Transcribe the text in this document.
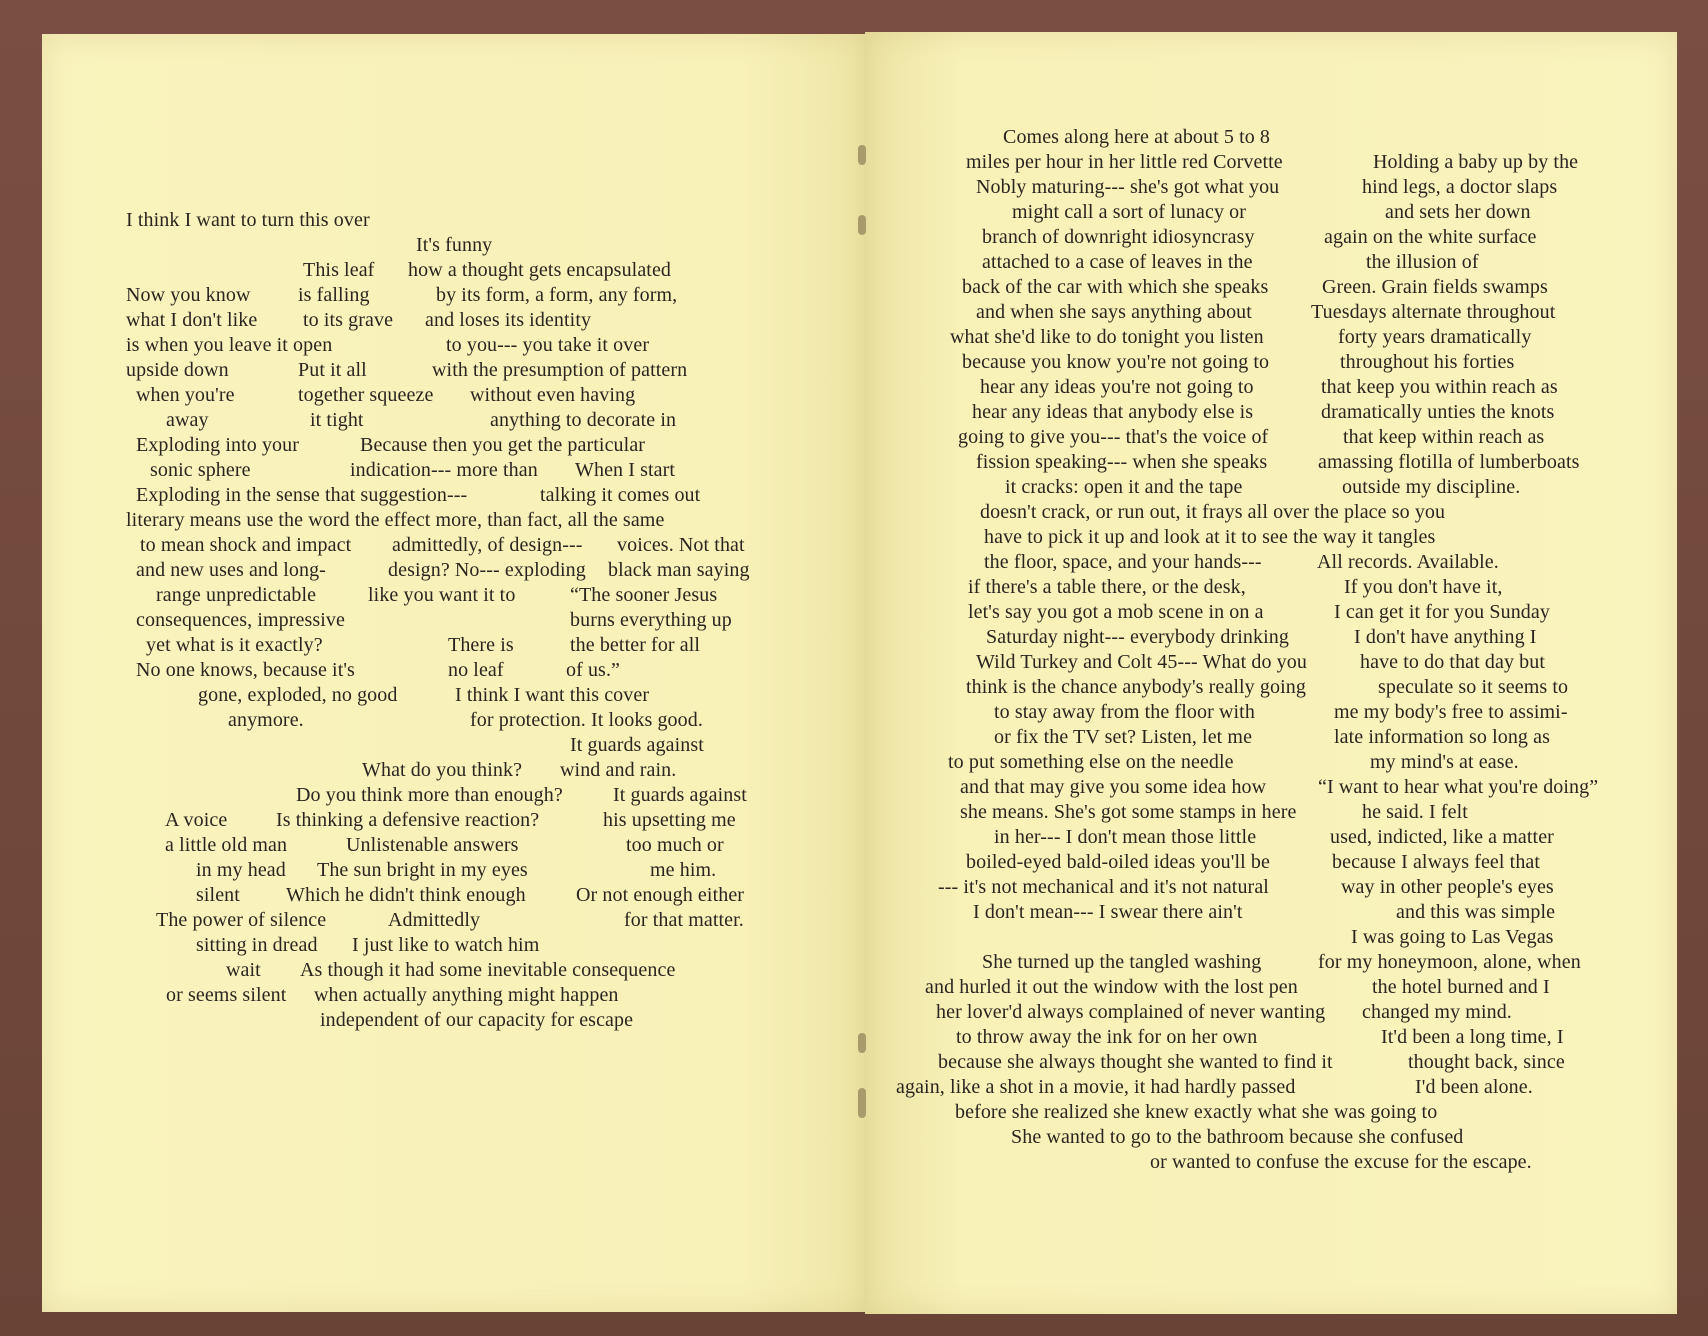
I think I want to turn this over
It's funny
This leaf how a thought gets encapsulated
Now you know is falling	by its form, a form, any form,
what I don't like to its grave and loses its identity
is when you leave it open	to you--- you take it over
upside down	Put it all	with the presumption of pattern
when you're	together squeeze without even having
away	it tight	anything to decorate in
Exploding into your	Because then you get the particular
sonic sphere	indication--- more than When I start
Exploding in the sense that suggestion---	talking it comes out
literary means use the word the effect more, than fact, all the same
to mean shock and impact admittedly, of design--- voices. Not that
and new uses and long-	design? No--- exploding black man saying
range unpredictable	like you want it to	“The sooner Jesus
consequences, impressive	burns everything up
yet what is it exactly?	There is	the better for all
No one knows, because it's	no leaf	of us.”
gone, exploded, no good	I think I want this cover
anymore.	for protection. It looks good.
It guards against
What do you think? wind and rain.
Do you think more than enough?	It guards against
A voice Is thinking a defensive reaction?	his upsetting me
a little old man	Unlistenable answers	too much or
in my head The sun bright in my eyes	me him.
silent Which he didn't think enough	Or not enough either
The power of silence	Admittedly	for that matter.
sitting in dread I just like to watch him
wait As though it had some inevitable consequence
or seems silent when actually anything might happen
independent of our capacity for escape
Comes along here at about 5 to 8
miles per hour in her little red Corvette	Holding a baby up by the
Nobly maturing--- she's got what you	hind legs, a doctor slaps
might call a sort of lunacy or	and sets her down
branch of downright idiosyncrasy	again on the white surface
attached to a case of leaves in the	the illusion of
back of the car with which she speaks	Green. Grain fields swamps
and when she says anything about	Tuesdays alternate throughout
what she'd like to do tonight you listen	forty years dramatically
because you know you're not going to	throughout his forties
hear any ideas you're not going to	that keep you within reach as
hear any ideas that anybody else is	dramatically unties the knots
going to give you--- that's the voice of	that keep within reach as
fission speaking--- when she speaks	amassing flotilla of lumberboats
it cracks: open it and the tape	outside my discipline.
doesn't crack, or run out, it frays all over the place so you
have to pick it up and look at it to see the way it tangles
the floor, space, and your hands---	All records. Available.
if there's a table there, or the desk,	If you don't have it,
let's say you got a mob scene in on a	I can get it for you Sunday
Saturday night--- everybody drinking	I don't have anything I
Wild Turkey and Colt 45--- What do you	have to do that day but
think is the chance anybody's really going	speculate so it seems to
to stay away from the floor with	me my body's free to assimi-
or fix the TV set? Listen, let me	late information so long as
to put something else on the needle	my mind's at ease.
and that may give you some idea how	“I want to hear what you're doing”
she means. She's got some stamps in here	he said. I felt
in her--- I don't mean those little	used, indicted, like a matter
boiled-eyed bald-oiled ideas you'll be	because I always feel that
--- it's not mechanical and it's not natural	way in other people's eyes
I don't mean--- I swear there ain't	and this was simple
I was going to Las Vegas
She turned up the tangled washing	for my honeymoon, alone, when
and hurled it out the window with the lost pen	the hotel burned and I
her lover'd always complained of never wanting changed my mind.
to throw away the ink for on her own	It'd been a long time, I
because she always thought she wanted to find it	thought back, since
again, like a shot in a movie, it had hardly passed	I'd been alone.
before she realized she knew exactly what she was going to
She wanted to go to the bathroom because she confused
or wanted to confuse the excuse for the escape.
